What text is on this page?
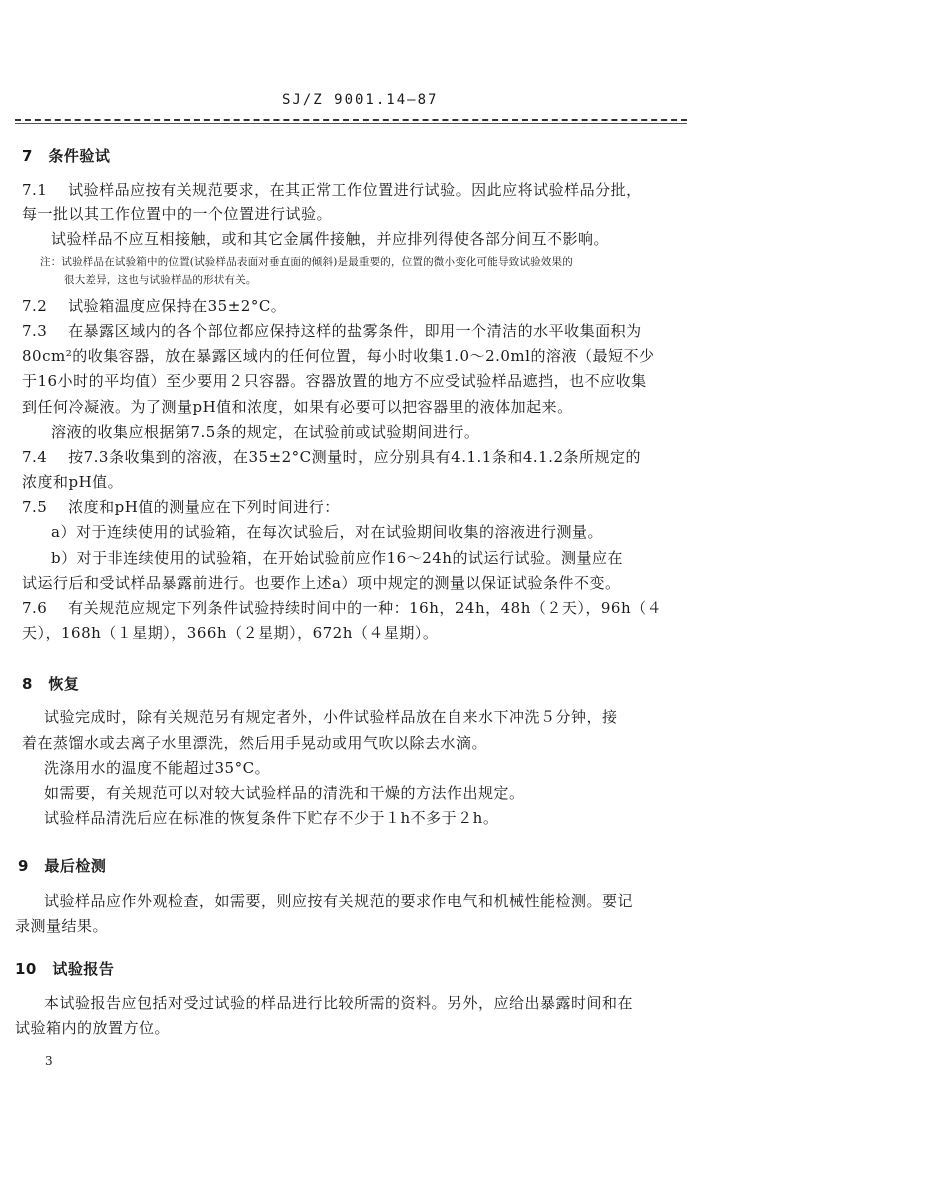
SJ/Z 9001.14—87
7　条件验试
7.1　 试验样品应按有关规范要求，在其正常工作位置进行试验。因此应将试验样品分批，
每一批以其工作位置中的一个位置进行试验。
试验样品不应互相接触，或和其它金属件接触，并应排列得使各部分间互不影响。
注：试验样品在试验箱中的位置(试验样品表面对垂直面的倾斜)是最重要的，位置的微小变化可能导致试验效果的
很大差异，这也与试验样品的形状有关。
7.2　 试验箱温度应保持在35±2°C。
7.3　 在暴露区域内的各个部位都应保持这样的盐雾条件，即用一个清洁的水平收集面积为
80cm²的收集容器，放在暴露区域内的任何位置，每小时收集1.0～2.0ml的溶液（最短不少
于16小时的平均值）至少要用２只容器。容器放置的地方不应受试验样品遮挡，也不应收集
到任何冷凝液。为了测量pH值和浓度，如果有必要可以把容器里的液体加起来。
溶液的收集应根据第7.5条的规定，在试验前或试验期间进行。
7.4　 按7.3条收集到的溶液，在35±2°C测量时，应分别具有4.1.1条和4.1.2条所规定的
浓度和pH值。
7.5　 浓度和pH值的测量应在下列时间进行：
a）对于连续使用的试验箱，在每次试验后，对在试验期间收集的溶液进行测量。
b）对于非连续使用的试验箱，在开始试验前应作16～24h的试运行试验。测量应在
试运行后和受试样品暴露前进行。也要作上述a）项中规定的测量以保证试验条件不变。
7.6　 有关规范应规定下列条件试验持续时间中的一种：16h，24h，48h（２天），96h（４
天），168h（１星期），366h（２星期），672h（４星期）。
8　恢复
试验完成时，除有关规范另有规定者外，小件试验样品放在自来水下冲洗５分钟，接
着在蒸馏水或去离子水里漂洗，然后用手晃动或用气吹以除去水滴。
洗涤用水的温度不能超过35°C。
如需要，有关规范可以对较大试验样品的清洗和干燥的方法作出规定。
试验样品清洗后应在标准的恢复条件下贮存不少于１h不多于２h。
9　最后检测
试验样品应作外观检查，如需要，则应按有关规范的要求作电气和机械性能检测。要记
录测量结果。
10　试验报告
本试验报告应包括对受过试验的样品进行比较所需的资料。另外，应给出暴露时间和在
试验箱内的放置方位。
3
